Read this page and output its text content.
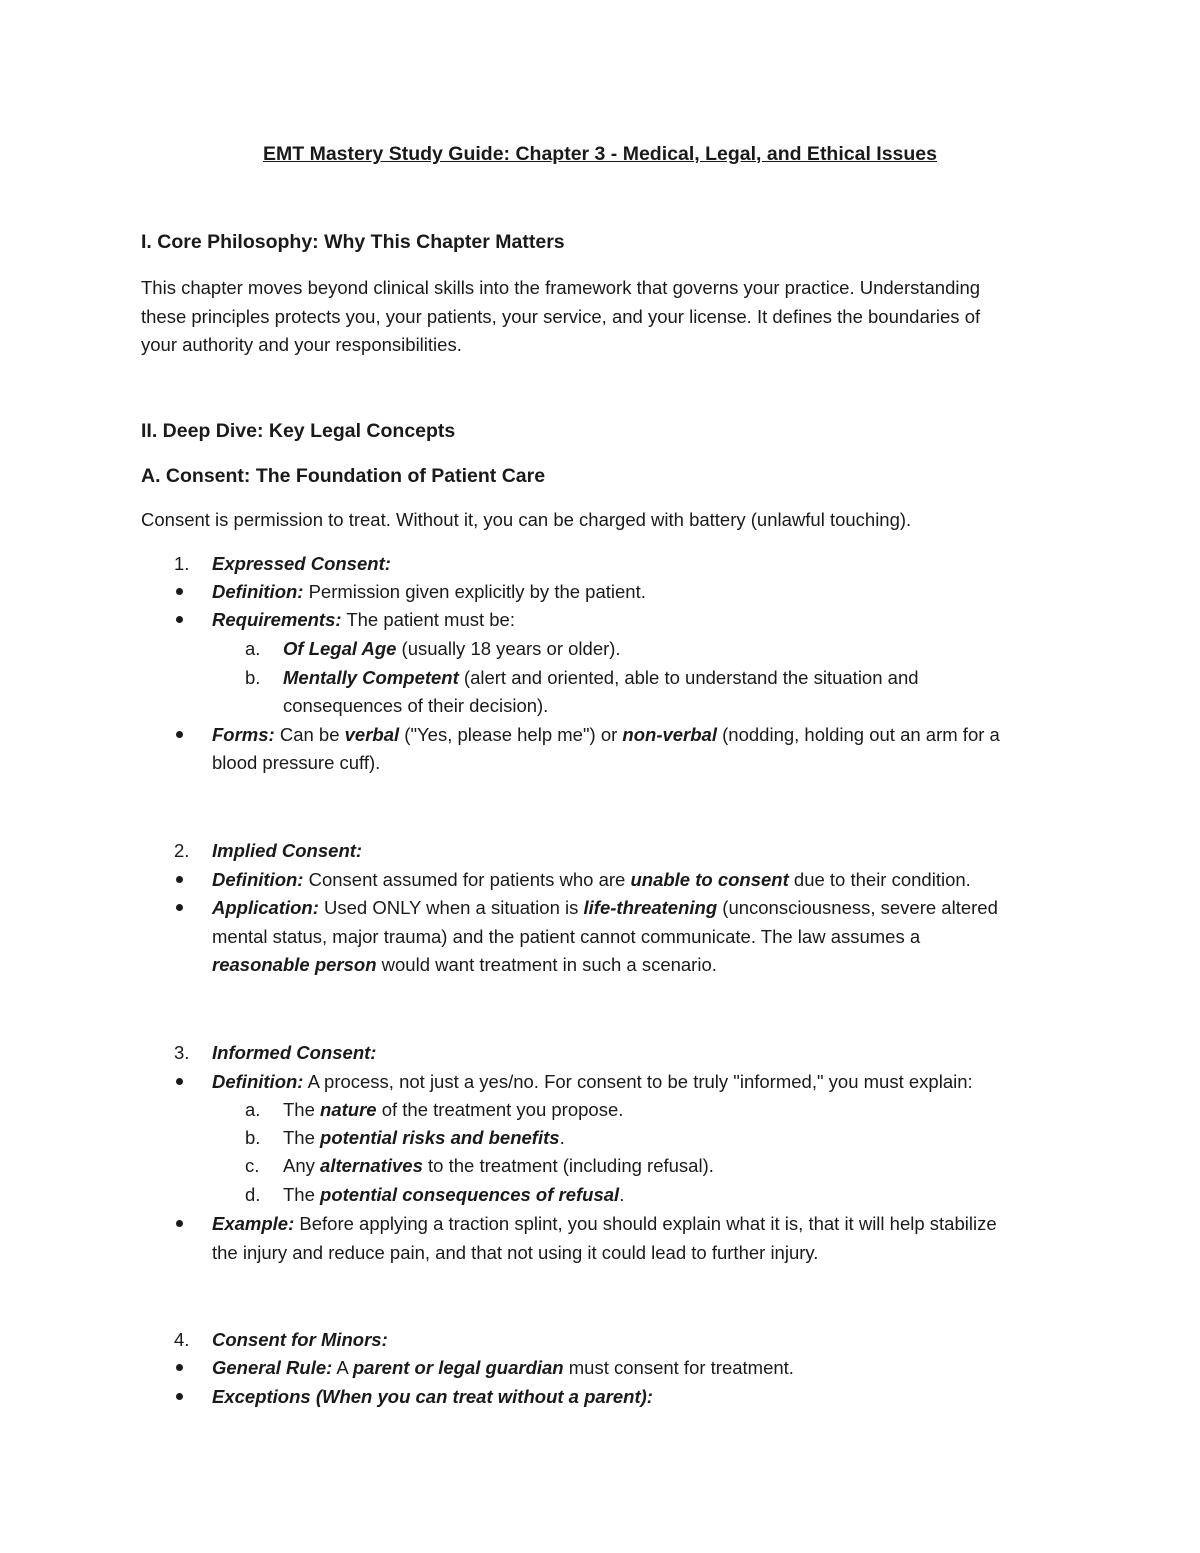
EMT Mastery Study Guide: Chapter 3 - Medical, Legal, and Ethical Issues
I. Core Philosophy: Why This Chapter Matters
This chapter moves beyond clinical skills into the framework that governs your practice. Understanding
these principles protects you, your patients, your service, and your license. It defines the boundaries of
your authority and your responsibilities.
II. Deep Dive: Key Legal Concepts
A. Consent: The Foundation of Patient Care
Consent is permission to treat. Without it, you can be charged with battery (unlawful touching).
1. Expressed Consent:
Definition: Permission given explicitly by the patient.
Requirements: The patient must be:
a. Of Legal Age (usually 18 years or older).
b. Mentally Competent (alert and oriented, able to understand the situation and
consequences of their decision).
Forms: Can be verbal ("Yes, please help me") or non-verbal (nodding, holding out an arm for a
blood pressure cuff).
2. Implied Consent:
Definition: Consent assumed for patients who are unable to consent due to their condition.
Application: Used ONLY when a situation is life-threatening (unconsciousness, severe altered
mental status, major trauma) and the patient cannot communicate. The law assumes a
reasonable person would want treatment in such a scenario.
3. Informed Consent:
Definition: A process, not just a yes/no. For consent to be truly "informed," you must explain:
a. The nature of the treatment you propose.
b. The potential risks and benefits.
c. Any alternatives to the treatment (including refusal).
d. The potential consequences of refusal.
Example: Before applying a traction splint, you should explain what it is, that it will help stabilize
the injury and reduce pain, and that not using it could lead to further injury.
4. Consent for Minors:
General Rule: A parent or legal guardian must consent for treatment.
Exceptions (When you can treat without a parent):
